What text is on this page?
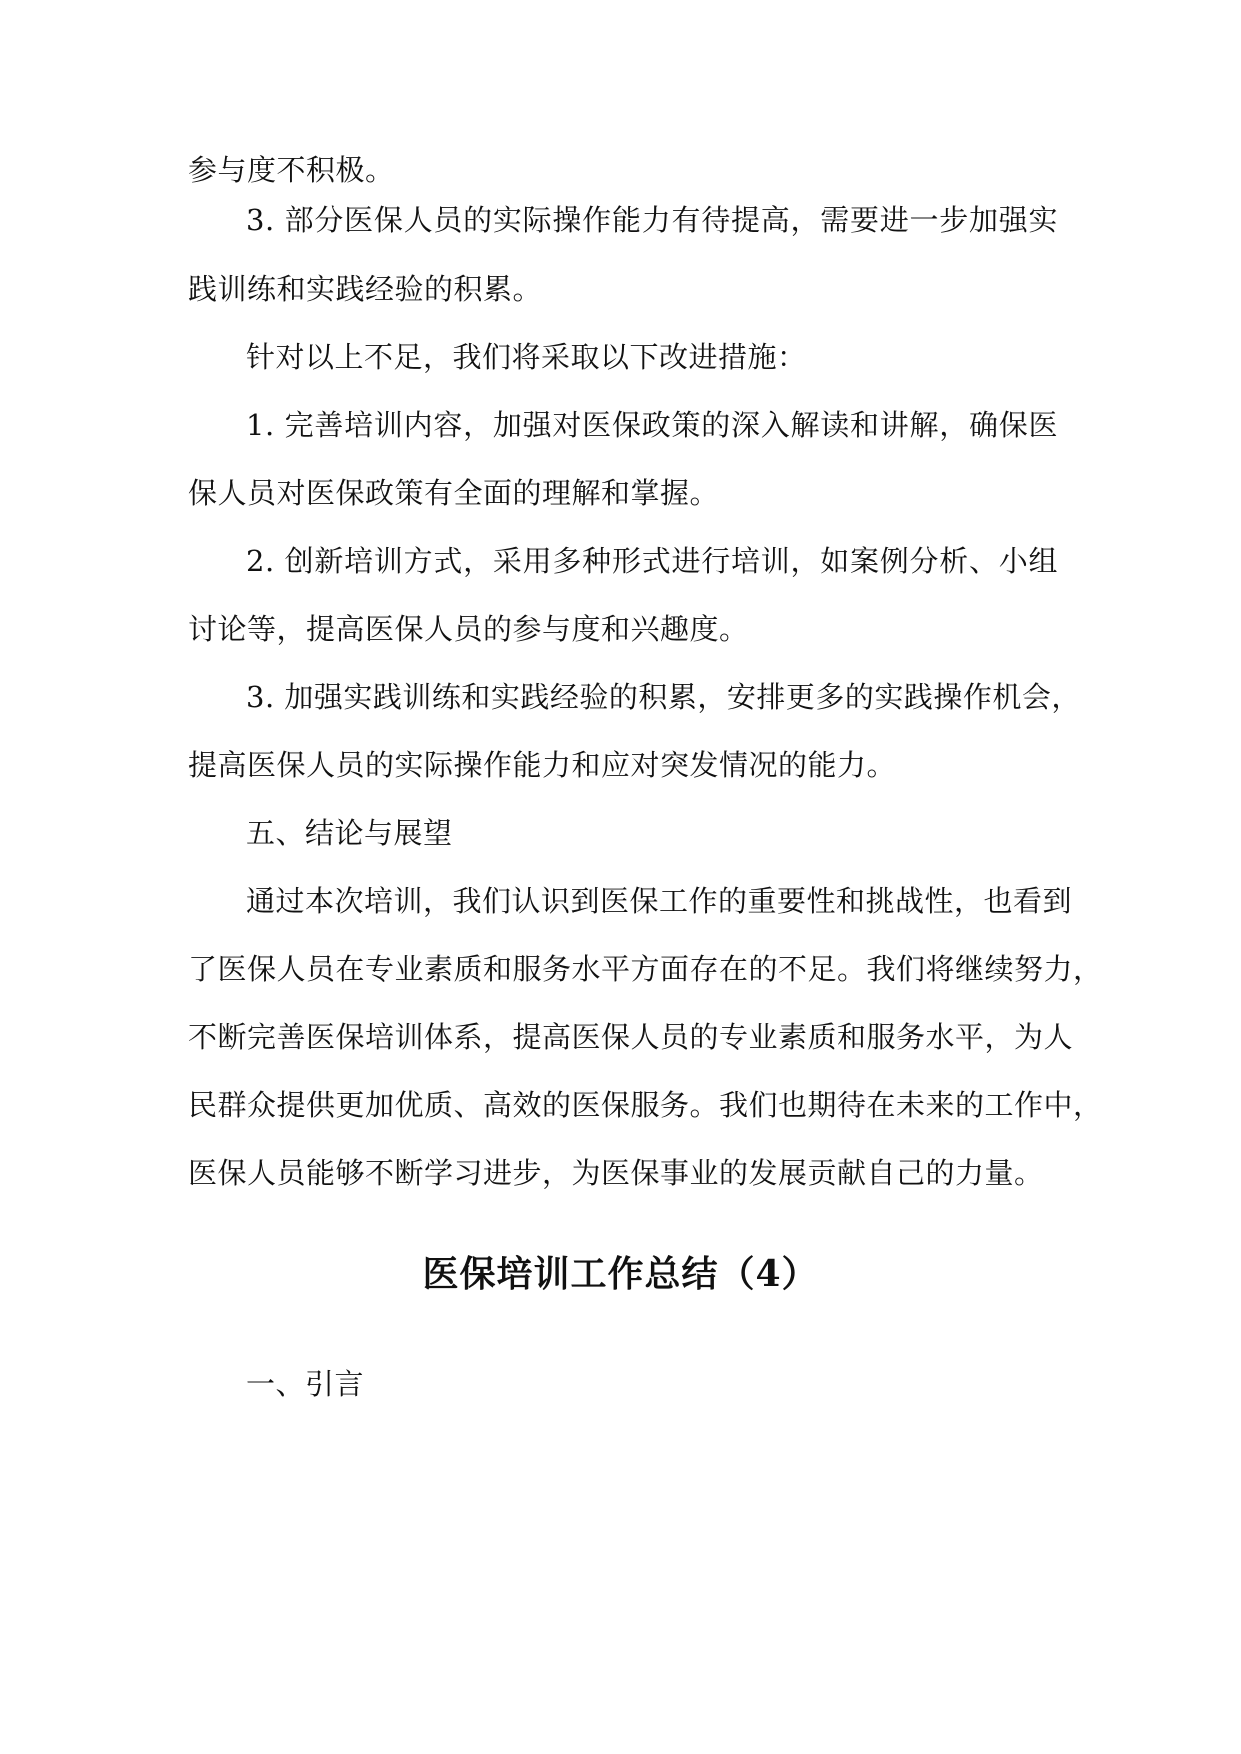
参与度不积极。
3. 部分医保人员的实际操作能力有待提高，需要进一步加强实
践训练和实践经验的积累。
针对以上不足，我们将采取以下改进措施：
1. 完善培训内容，加强对医保政策的深入解读和讲解，确保医
保人员对医保政策有全面的理解和掌握。
2. 创新培训方式，采用多种形式进行培训，如案例分析、小组
讨论等，提高医保人员的参与度和兴趣度。
3. 加强实践训练和实践经验的积累，安排更多的实践操作机会，
提高医保人员的实际操作能力和应对突发情况的能力。
五、结论与展望
通过本次培训，我们认识到医保工作的重要性和挑战性，也看到
了医保人员在专业素质和服务水平方面存在的不足。我们将继续努力，
不断完善医保培训体系，提高医保人员的专业素质和服务水平，为人
民群众提供更加优质、高效的医保服务。我们也期待在未来的工作中，
医保人员能够不断学习进步，为医保事业的发展贡献自己的力量。
医保培训工作总结（4）
一、引言
